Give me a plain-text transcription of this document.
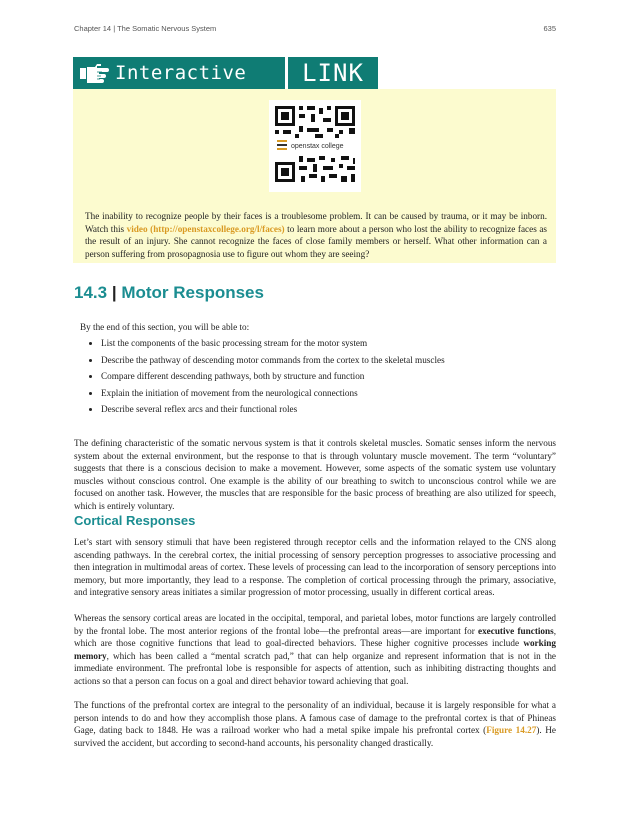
Chapter 14 | The Somatic Nervous System	635
Interactive	LINK
openstax college

The inability to recognize people by their faces is a troublesome problem. It can be caused by trauma, or it may be inborn. Watch this video (http://openstaxcollege.org/l/faces) to learn more about a person who lost the ability to recognize faces as the result of an injury. She cannot recognize the faces of close family members or herself. What other information can a person suffering from prosopagnosia use to figure out whom they are seeing?

14.3 | Motor Responses
By the end of this section, you will be able to:
• List the components of the basic processing stream for the motor system
• Describe the pathway of descending motor commands from the cortex to the skeletal muscles
• Compare different descending pathways, both by structure and function
• Explain the initiation of movement from the neurological connections
• Describe several reflex arcs and their functional roles

The defining characteristic of the somatic nervous system is that it controls skeletal muscles. Somatic senses inform the nervous system about the external environment, but the response to that is through voluntary muscle movement. The term “voluntary” suggests that there is a conscious decision to make a movement. However, some aspects of the somatic system use voluntary muscles without conscious control. One example is the ability of our breathing to switch to unconscious control while we are focused on another task. However, the muscles that are responsible for the basic process of breathing are also utilized for speech, which is entirely voluntary.

Cortical Responses

Let’s start with sensory stimuli that have been registered through receptor cells and the information relayed to the CNS along ascending pathways. In the cerebral cortex, the initial processing of sensory perception progresses to associative processing and then integration in multimodal areas of cortex. These levels of processing can lead to the incorporation of sensory perceptions into memory, but more importantly, they lead to a response. The completion of cortical processing through the primary, associative, and integrative sensory areas initiates a similar progression of motor processing, usually in different cortical areas.

Whereas the sensory cortical areas are located in the occipital, temporal, and parietal lobes, motor functions are largely controlled by the frontal lobe. The most anterior regions of the frontal lobe—the prefrontal areas—are important for executive functions, which are those cognitive functions that lead to goal-directed behaviors. These higher cognitive processes include working memory, which has been called a “mental scratch pad,” that can help organize and represent information that is not in the immediate environment. The prefrontal lobe is responsible for aspects of attention, such as inhibiting distracting thoughts and actions so that a person can focus on a goal and direct behavior toward achieving that goal.

The functions of the prefrontal cortex are integral to the personality of an individual, because it is largely responsible for what a person intends to do and how they accomplish those plans. A famous case of damage to the prefrontal cortex is that of Phineas Gage, dating back to 1848. He was a railroad worker who had a metal spike impale his prefrontal cortex (Figure 14.27). He survived the accident, but according to second-hand accounts, his personality changed drastically.
